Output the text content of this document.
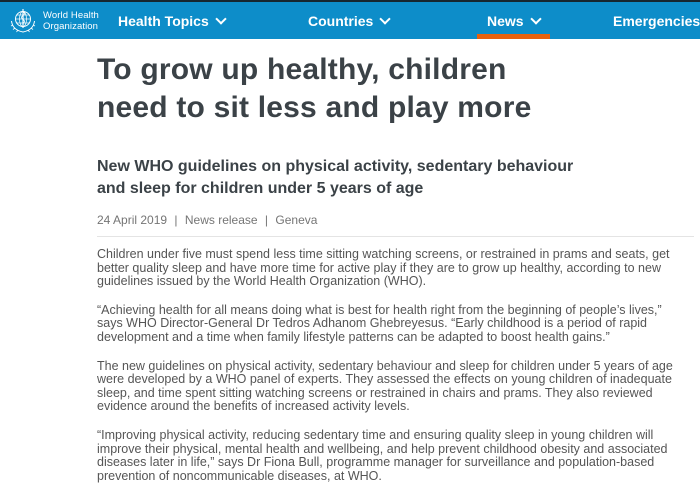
World Health
Organization Health Topics	Countries	News	Emergencies
To grow up healthy, children
need to sit less and play more
New WHO guidelines on physical activity, sedentary behaviour
and sleep for children under 5 years of age
24 April 2019 | News release | Geneva

Children under five must spend less time sitting watching screens, or restrained in prams and seats, get better quality sleep and have more time for active play if they are to grow up healthy, according to new guidelines issued by the World Health Organization (WHO).

“Achieving health for all means doing what is best for health right from the beginning of people’s lives,” says WHO Director-General Dr Tedros Adhanom Ghebreyesus. “Early childhood is a period of rapid development and a time when family lifestyle patterns can be adapted to boost health gains.”

The new guidelines on physical activity, sedentary behaviour and sleep for children under 5 years of age were developed by a WHO panel of experts. They assessed the effects on young children of inadequate sleep, and time spent sitting watching screens or restrained in chairs and prams. They also reviewed evidence around the benefits of increased activity levels.

“Improving physical activity, reducing sedentary time and ensuring quality sleep in young children will improve their physical, mental health and wellbeing, and help prevent childhood obesity and associated diseases later in life,” says Dr Fiona Bull, programme manager for surveillance and population-based prevention of noncommunicable diseases, at WHO.
